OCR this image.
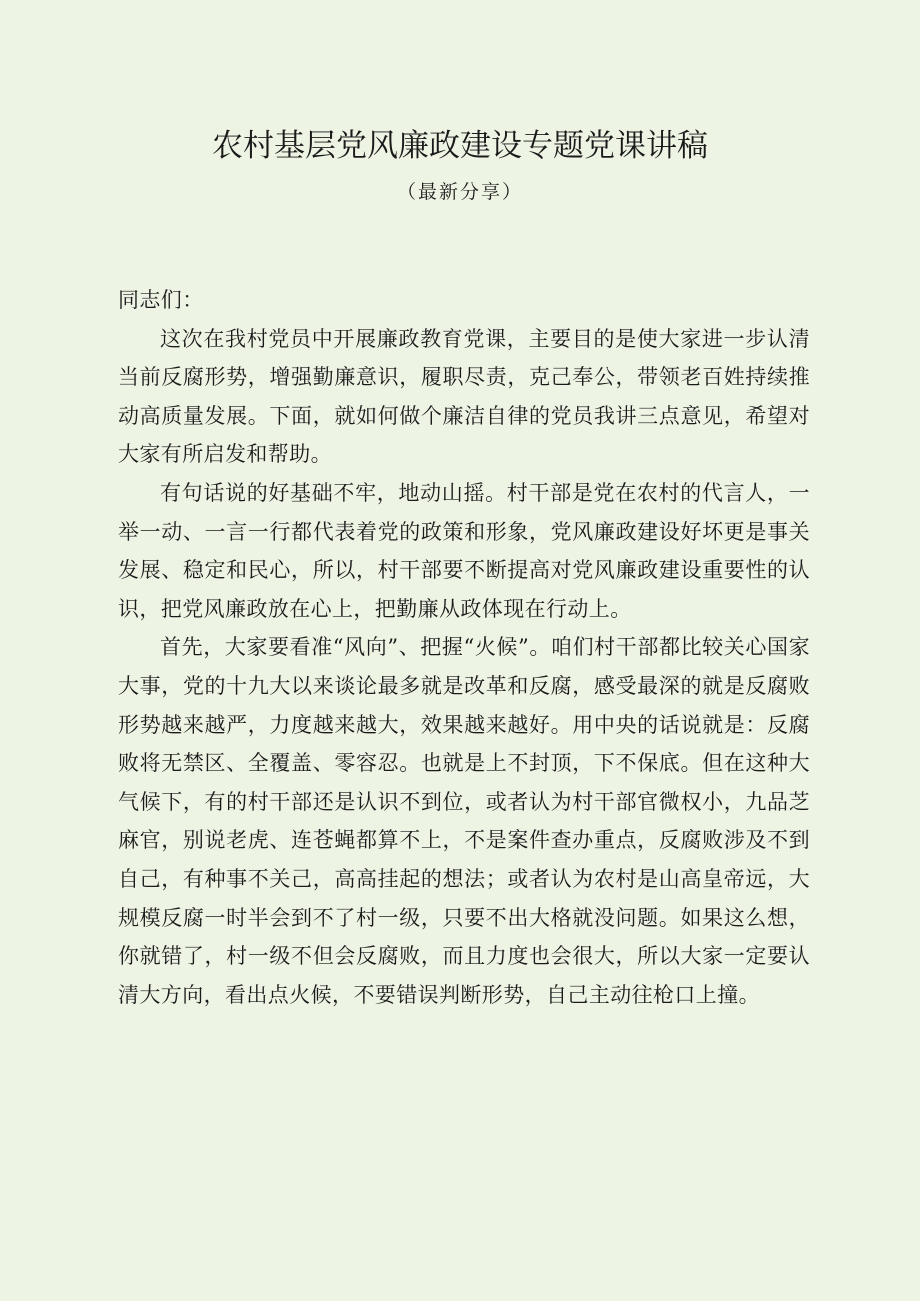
农村基层党风廉政建设专题党课讲稿
（最新分享）

同志们：

这次在我村党员中开展廉政教育党课，主要目的是使大家进一步认清当前反腐形势，增强勤廉意识，履职尽责，克己奉公，带领老百姓持续推动高质量发展。下面，就如何做个廉洁自律的党员我讲三点意见，希望对大家有所启发和帮助。

有句话说的好基础不牢，地动山摇。村干部是党在农村的代言人，一举一动、一言一行都代表着党的政策和形象，党风廉政建设好坏更是事关发展、稳定和民心，所以，村干部要不断提高对党风廉政建设重要性的认识，把党风廉政放在心上，把勤廉从政体现在行动上。

首先，大家要看准“风向”、把握“火候”。咱们村干部都比较关心国家大事，党的十九大以来谈论最多就是改革和反腐，感受最深的就是反腐败形势越来越严，力度越来越大，效果越来越好。用中央的话说就是：反腐败将无禁区、全覆盖、零容忍。也就是上不封顶，下不保底。但在这种大气候下，有的村干部还是认识不到位，或者认为村干部官微权小，九品芝麻官，别说老虎、连苍蝇都算不上，不是案件查办重点，反腐败涉及不到自己，有种事不关己，高高挂起的想法；或者认为农村是山高皇帝远，大规模反腐一时半会到不了村一级，只要不出大格就没问题。如果这么想，你就错了，村一级不但会反腐败，而且力度也会很大，所以大家一定要认清大方向，看出点火候，不要错误判断形势，自己主动往枪口上撞。
